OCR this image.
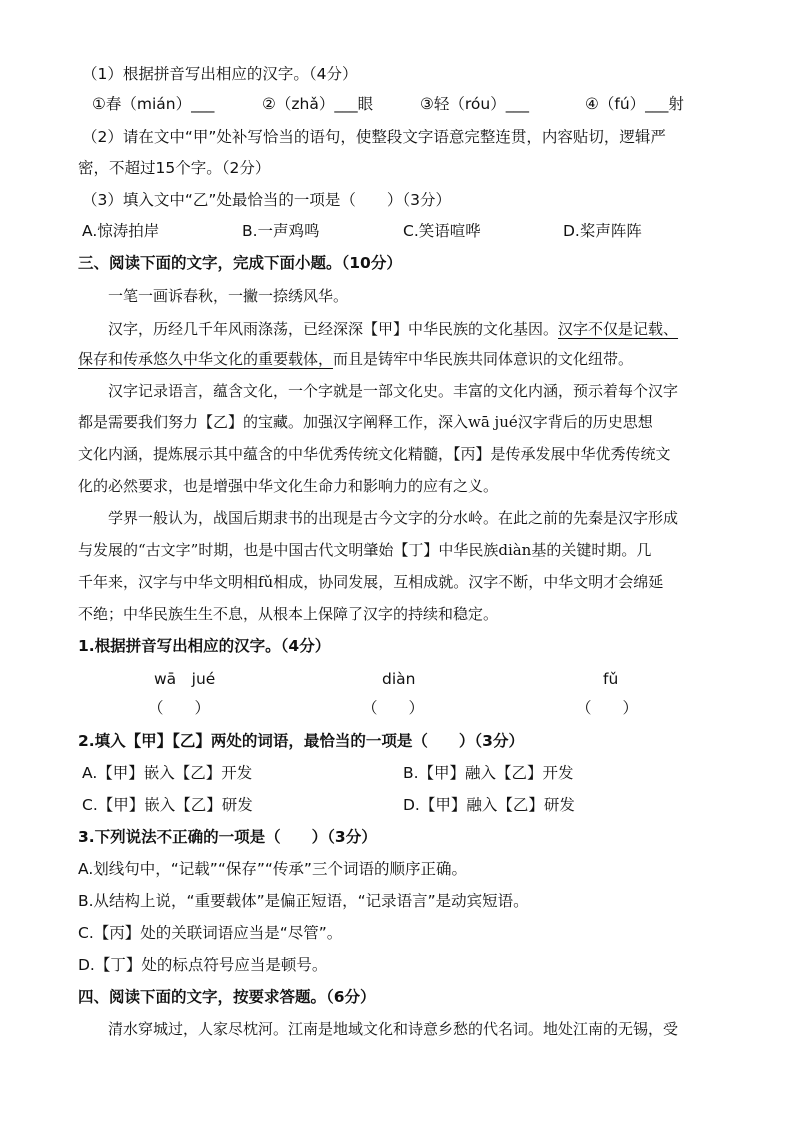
（1）根据拼音写出相应的汉字。（4分）
①春（mián）___	②（zhǎ）___眼	③轻（róu）___	④（fú）___射
（2）请在文中“甲”处补写恰当的语句，使整段文字语意完整连贯，内容贴切，逻辑严
密，不超过15个字。（2分）
（3）填入文中“乙”处最恰当的一项是（　　）（3分）
A.惊涛拍岸	B.一声鸡鸣	C.笑语喧哗	D.桨声阵阵
三、阅读下面的文字，完成下面小题。（10分）
一笔一画诉春秋，一撇一捺绣风华。
汉字，历经几千年风雨涤荡，已经深深【甲】中华民族的文化基因。汉字不仅是记载、
保存和传承悠久中华文化的重要载体，而且是铸牢中华民族共同体意识的文化纽带。
汉字记录语言，蕴含文化，一个字就是一部文化史。丰富的文化内涵，预示着每个汉字
都是需要我们努力【乙】的宝藏。加强汉字阐释工作，深入wā jué汉字背后的历史思想
文化内涵，提炼展示其中蕴含的中华优秀传统文化精髓，【丙】是传承发展中华优秀传统文
化的必然要求，也是增强中华文化生命力和影响力的应有之义。
学界一般认为，战国后期隶书的出现是古今文字的分水岭。在此之前的先秦是汉字形成
与发展的“古文字”时期，也是中国古代文明肇始【丁】中华民族diàn基的关键时期。几
千年来，汉字与中华文明相fǔ相成，协同发展，互相成就。汉字不断，中华文明才会绵延
不绝；中华民族生生不息，从根本上保障了汉字的持续和稳定。
1.根据拼音写出相应的汉字。（4分）
wā　jué	diàn	fǔ
（　　）	（　　）	（　　）
2.填入【甲】【乙】两处的词语，最恰当的一项是（　　）（3分）
A.【甲】嵌入【乙】开发	B.【甲】融入【乙】开发
C.【甲】嵌入【乙】研发	D.【甲】融入【乙】研发
3.下列说法不正确的一项是（　　）（3分）
A.划线句中，“记载”“保存”“传承”三个词语的顺序正确。
B.从结构上说，“重要载体”是偏正短语，“记录语言”是动宾短语。
C.【丙】处的关联词语应当是“尽管”。
D.【丁】处的标点符号应当是顿号。
四、阅读下面的文字，按要求答题。（6分）
清水穿城过，人家尽枕河。江南是地域文化和诗意乡愁的代名词。地处江南的无锡，受
